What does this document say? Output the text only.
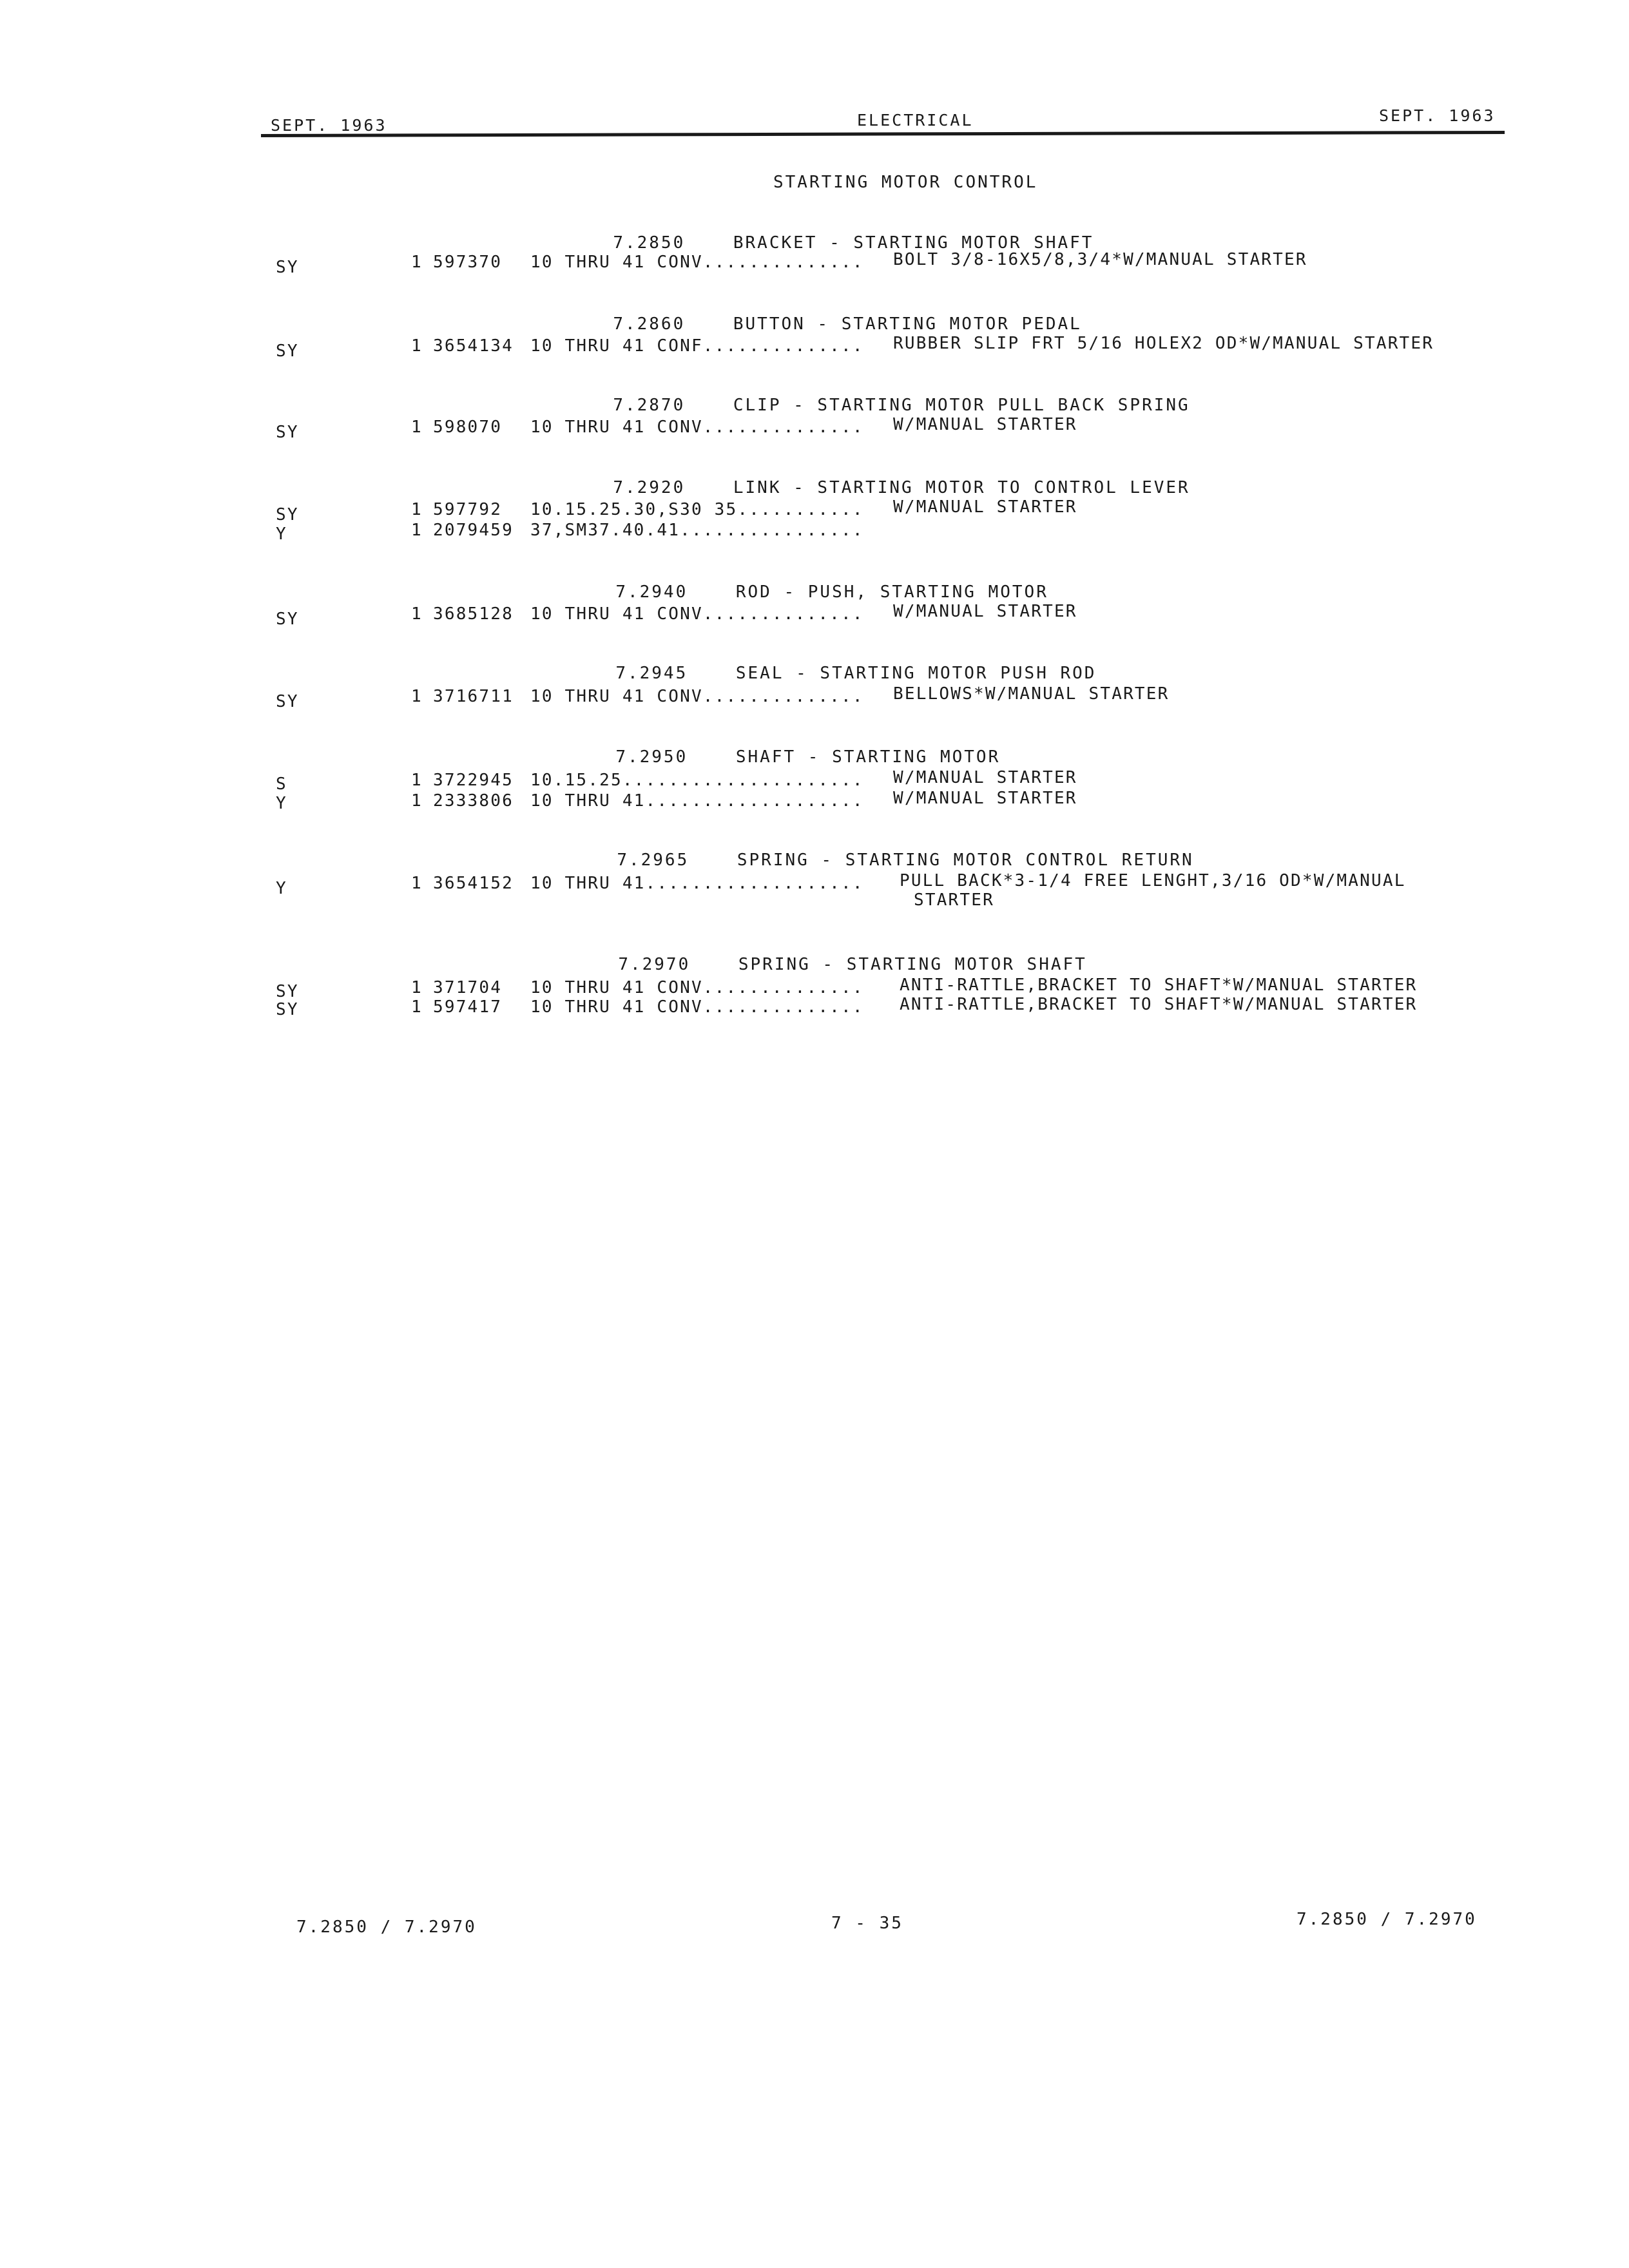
SEPT. 1963	ELECTRICAL	SEPT. 1963
STARTING MOTOR CONTROL

7.2850	BRACKET - STARTING MOTOR SHAFT

SY	1 597370 10 THRU 41 CONV.............. BOLT 3/8-16X5/8,3/4*W/MANUAL STARTER

7.2860	BUTTON - STARTING MOTOR PEDAL

SY	1 3654134 10 THRU 41 CONF.............. RUBBER SLIP FRT 5/16 HOLEX2 OD*W/MANUAL STARTER

7.2870	CLIP - STARTING MOTOR PULL BACK SPRING

SY	1 598070 10 THRU 41 CONV.............. W/MANUAL STARTER

7.2920	LINK - STARTING MOTOR TO CONTROL LEVER

SY	1 597792 10.15.25.30,S30 35........... W/MANUAL STARTER
Y	1 2079459 37,SM37.40.41................

7.2940	ROD - PUSH, STARTING MOTOR

SY	1 3685128 10 THRU 41 CONV.............. W/MANUAL STARTER

7.2945	SEAL - STARTING MOTOR PUSH ROD

SY	1 3716711 10 THRU 41 CONV.............. BELLOWS*W/MANUAL STARTER

7.2950	SHAFT - STARTING MOTOR

S	1 3722945 10.15.25..................... W/MANUAL STARTER
Y	1 2333806 10 THRU 41................... W/MANUAL STARTER

7.2965	SPRING - STARTING MOTOR CONTROL RETURN

Y	1 3654152 10 THRU 41................... PULL BACK*3-1/4 FREE LENGHT,3/16 OD*W/MANUAL
STARTER

7.2970	SPRING - STARTING MOTOR SHAFT

SY	1 371704 10 THRU 41 CONV.............. ANTI-RATTLE,BRACKET TO SHAFT*W/MANUAL STARTER
SY	1 597417 10 THRU 41 CONV.............. ANTI-RATTLE,BRACKET TO SHAFT*W/MANUAL STARTER
7.2850 / 7.2970	7 - 35	7.2850 / 7.2970
